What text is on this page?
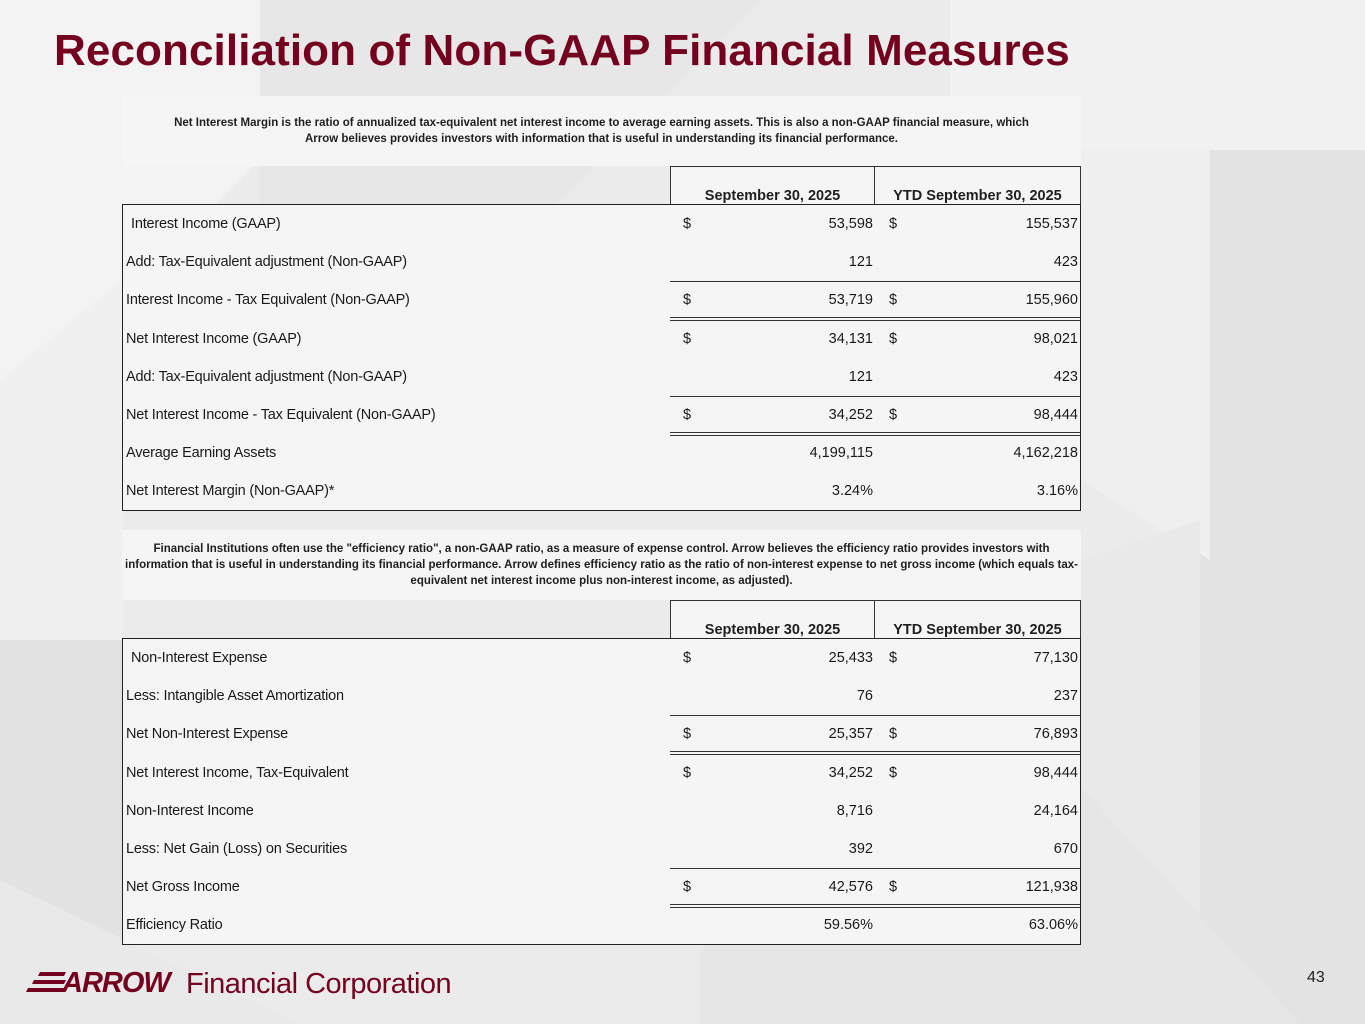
Reconciliation of Non-GAAP Financial Measures
Net Interest Margin is the ratio of annualized tax-equivalent net interest income to average earning assets. This is also a non-GAAP financial measure, which Arrow believes provides investors with information that is useful in understanding its financial performance.
September 30, 2025	YTD September 30, 2025
Interest Income (GAAP)	$	53,598 $	155,537
Add: Tax-Equivalent adjustment (Non-GAAP)	121	423
Interest Income - Tax Equivalent (Non-GAAP)	$	53,719 $	155,960
Net Interest Income (GAAP)	$	34,131 $	98,021
Add: Tax-Equivalent adjustment (Non-GAAP)	121	423
Net Interest Income - Tax Equivalent (Non-GAAP)	$	34,252 $	98,444
Average Earning Assets	4,199,115	4,162,218
Net Interest Margin (Non-GAAP)*	3.24%	3.16%
Financial Institutions often use the "efficiency ratio", a non-GAAP ratio, as a measure of expense control. Arrow believes the efficiency ratio provides investors with information that is useful in understanding its financial performance. Arrow defines efficiency ratio as the ratio of non-interest expense to net gross income (which equals tax-equivalent net interest income plus non-interest income, as adjusted).
September 30, 2025	YTD September 30, 2025
Non-Interest Expense	$	25,433 $	77,130
Less: Intangible Asset Amortization	76	237
Net Non-Interest Expense	$	25,357 $	76,893
Net Interest Income, Tax-Equivalent	$	34,252 $	98,444
Non-Interest Income	8,716	24,164
Less: Net Gain (Loss) on Securities	392	670
Net Gross Income	$	42,576 $	121,938
Efficiency Ratio	59.56%	63.06%
ARROW Financial Corporation	43
